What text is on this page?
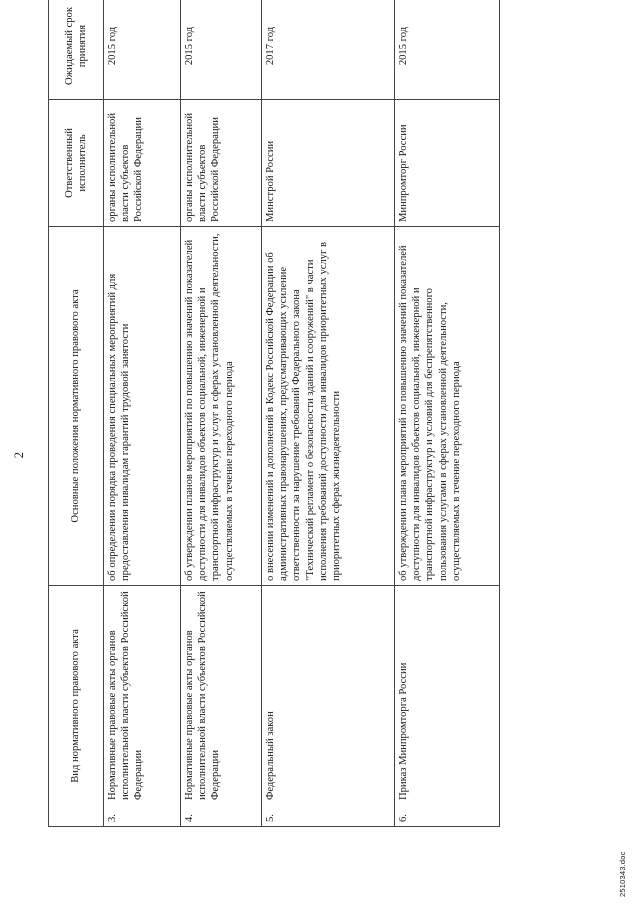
2
Вид нормативного правового акта	Основные положения нормативного правового акта	Ответственный исполнитель	Ожидаемый срок принятия

3.
Нормативные правовые акты органов исполнительной власти субъектов Российской Федерации	об определении порядка проведения специальных мероприятий для предоставления инвалидам гарантий трудовой занятости	органы исполнительной власти субъектов Российской Федерации	2015 год

4.
Нормативные правовые акты органов исполнительной власти субъектов Российской Федерации	об утверждении планов мероприятий по повышению значений показателей доступности для инвалидов объектов социальной, инженерной и транспортной инфраструктур и услуг в сферах установленной деятельности, осуществляемых в течение переходного периода	органы исполнительной власти субъектов Российской Федерации	2015 год

5.
Федеральный закон	о внесении изменений и дополнений в Кодекс Российской Федерации об административных правонарушениях, предусматривающих усиление ответственности за нарушение требований Федерального закона "Технический регламент о безопасности зданий и сооружений" в части исполнения требований доступности для инвалидов приоритетных услуг в приоритетных сферах жизнедеятельности	Минстрой России	2017 год

6.
Приказ Минпромторга России	об утверждении плана мероприятий по повышению значений показателей доступности для инвалидов объектов социальной, инженерной и транспортной инфраструктур и условий для беспрепятственного пользования услугами в сферах установленной деятельности, осуществляемых в течение переходного периода	Минпромторг России	2015 год
2510343.doc
